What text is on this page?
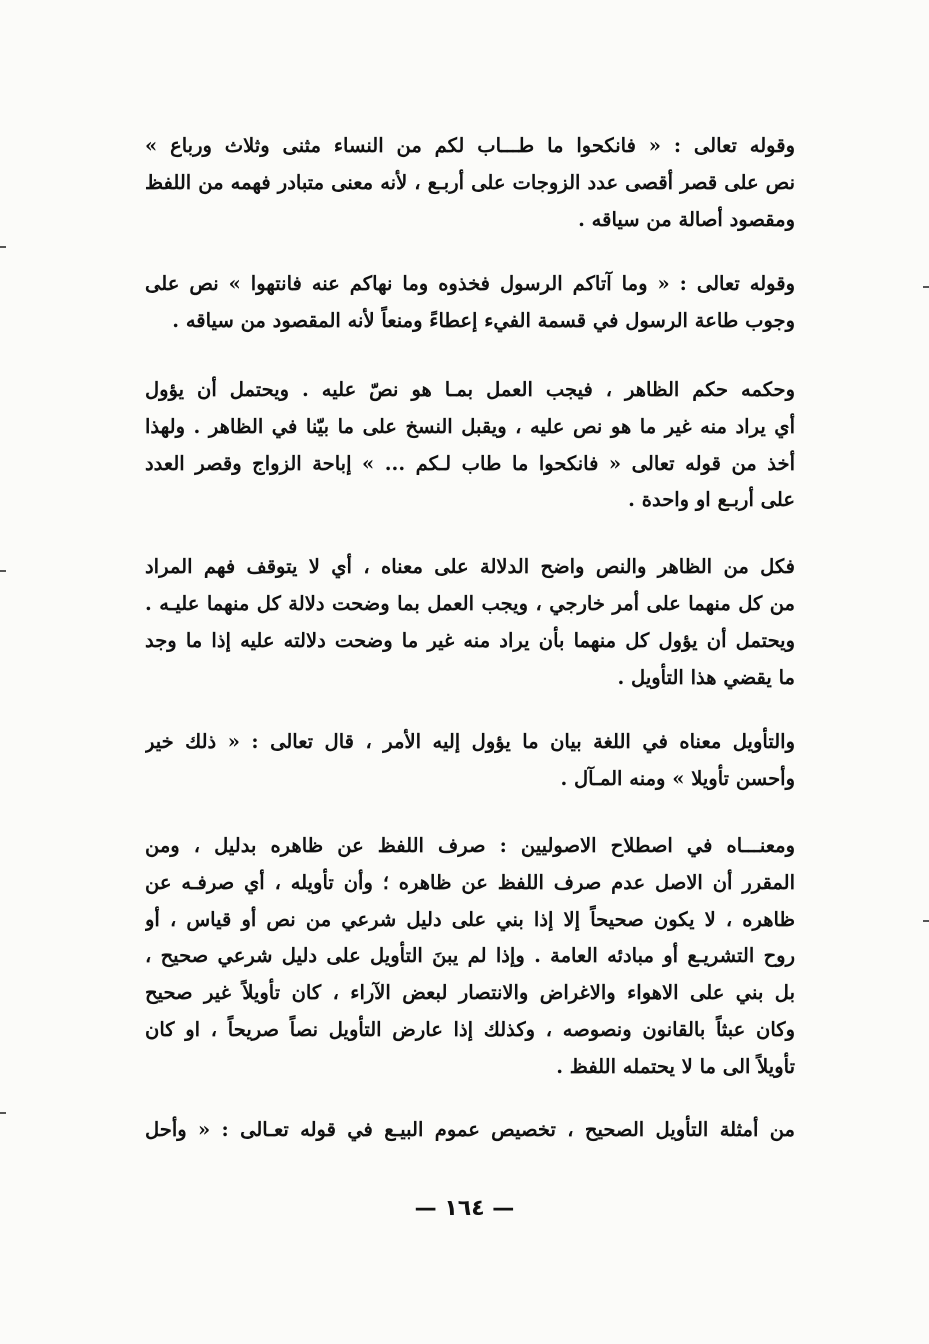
وقوله تعالى : « فانكحوا ما طـــاب لكم من النساء مثنى وثلاث ورباع »
نص على قصر أقصى عدد الزوجات على أربـع ، لأنه معنى متبادر فهمه من اللفظ
ومقصود أصالة من سياقه .
وقوله تعالى : « وما آتاكم الرسول فخذوه وما نهاكم عنه فانتهوا » نص على
وجوب طاعة الرسول في قسمة الفيء إعطاءً ومنعاً لأنه المقصود من سياقه .
وحكمه حكم الظاهر ، فيجب العمل بمـا هو نصّ عليه . ويحتمل أن يؤول
أي يراد منه غير ما هو نص عليه ، ويقبل النسخ على ما بيّنا في الظاهر . ولهذا
أخذ من قوله تعالى « فانكحوا ما طاب لـكم ... » إباحة الزواج وقصر العدد
على أربـع او واحدة .
فكل من الظاهر والنص واضح الدلالة على معناه ، أي لا يتوقف فهم المراد
من كل منهما على أمر خارجي ، ويجب العمل بما وضحت دلالة كل منهما عليـه .
ويحتمل أن يؤول كل منهما بأن يراد منه غير ما وضحت دلالته عليه إذا ما وجد
ما يقضي هذا التأويل .
والتأويل معناه في اللغة بيان ما يؤول إليه الأمر ، قال تعالى : « ذلك خير
وأحسن تأويلا » ومنه المـآل .
ومعنـــاه في اصطلاح الاصوليين : صرف اللفظ عن ظاهره بدليل ، ومن
المقرر أن الاصل عدم صرف اللفظ عن ظاهره ؛ وأن تأويله ، أي صرفـه عن
ظاهره ، لا يكون صحيحاً إلا إذا بني على دليل شرعي من نص أو قياس ، أو
روح التشريـع أو مبادئه العامة . وإذا لم يبنَ التأويل على دليل شرعي صحيح ،
بل بني على الاهواء والاغراض والانتصار لبعض الآراء ، كان تأويلاً غير صحيح
وكان عبثاً بالقانون ونصوصه ، وكذلك إذا عارض التأويل نصاً صريحاً ، او كان
تأويلاً الى ما لا يحتمله اللفظ .
من أمثلة التأويل الصحيح ، تخصيص عموم البيـع في قوله تعـالى : « وأحل
— ١٦٤ —
